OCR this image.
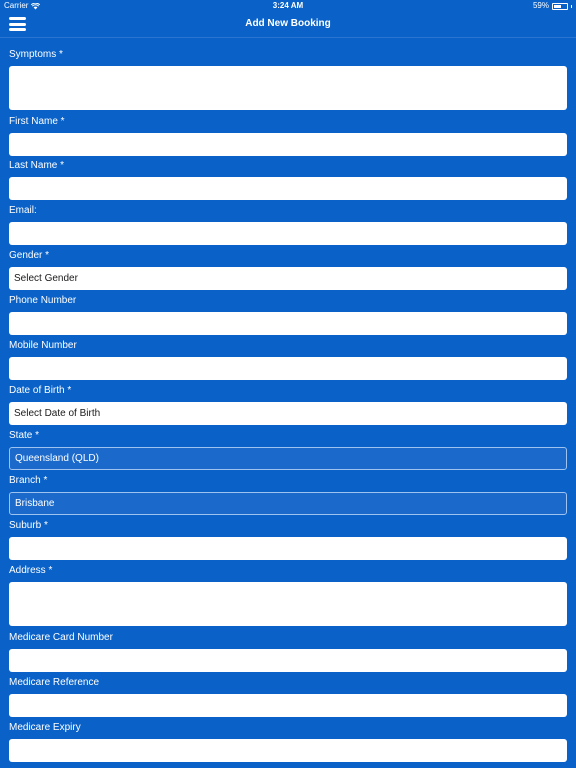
Carrier	3:24 AM	59%
Add New Booking
Symptoms *
First Name *
Last Name *
Email:
Gender *
Select Gender
Phone Number
Mobile Number
Date of Birth *
Select Date of Birth
State *
Queensland (QLD)
Branch *
Brisbane
Suburb *
Address *
Medicare Card Number
Medicare Reference
Medicare Expiry
